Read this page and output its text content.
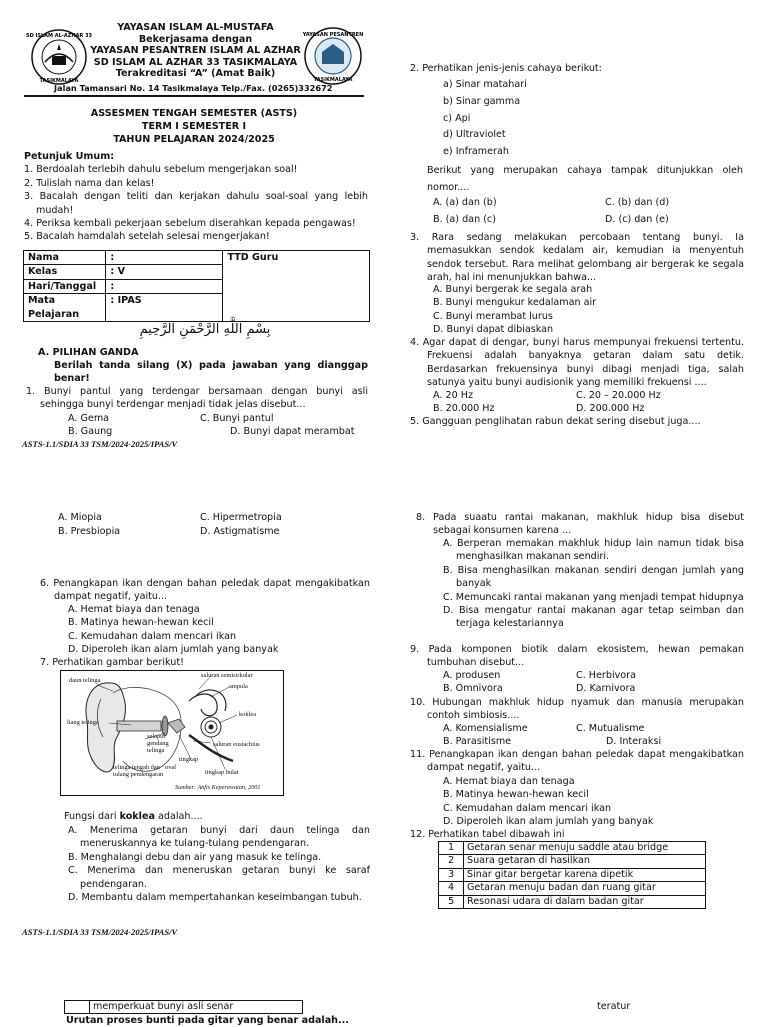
SD ISLAM AL-AZHAR 33
TASIKMALAYA
YAYASAN PESANTREN
TASIKMALAYA
YAYASAN ISLAM AL-MUSTAFA
Bekerjasama dengan
YAYASAN PESANTREN ISLAM AL AZHAR
SD ISLAM AL AZHAR 33 TASIKMALAYA
Terakreditasi “A” (Amat Baik)
Jalan Tamansari No. 14 Tasikmalaya Telp./Fax. (0265)332672
ASSESMEN TENGAH SEMESTER (ASTS)
TERM I SEMESTER I
TAHUN PELAJARAN 2024/2025
Petunjuk Umum:
1. Berdoalah terlebih dahulu sebelum mengerjakan soal!
2. Tulislah nama dan kelas!
3. Bacalah dengan teliti dan kerjakan dahulu soal-soal yang lebih mudah!
4. Periksa kembali pekerjaan sebelum diserahkan kepada pengawas!
5. Bacalah hamdalah setelah selesai mengerjakan!
Nama	:	TTD Guru
Kelas	: V	
Hari/Tanggal	:	
Mata Pelajaran	: IPAS	
بِسْمِ اللَّهِ الرَّحْمَنِ الرَّحِيمِ
A. PILIHAN GANDA
Berilah tanda silang (X) pada jawaban yang dianggap benar!
1. Bunyi pantul yang terdengar bersamaan dengan bunyi asli sehingga bunyi terdengar menjadi tidak jelas disebut...
A. Gema	C. Bunyi pantul
B. Gaung	D. Bunyi dapat merambat
ASTS-1.1/SDIA 33 TSM/2024-2025/IPAS/V
2. Perhatikan jenis-jenis cahaya berikut:
a) Sinar matahari
b) Sinar gamma
c) Api
d) Ultraviolet
e) Inframerah
Berikut yang merupakan cahaya tampak ditunjukkan oleh nomor....
A. (a) dan (b)	C. (b) dan (d)
B. (a) dan (c)	D. (c) dan (e)
3. Rara sedang melakukan percobaan tentang bunyi. Ia memasukkan sendok kedalam air, kemudian ia menyentuh sendok tersebut. Rara melihat gelombang air bergerak ke segala arah, hal ini menunjukkan bahwa...
A. Bunyi bergerak ke segala arah
B. Bunyi mengukur kedalaman air
C. Bunyi merambat lurus
D. Bunyi dapat dibiaskan
4. Agar dapat di dengar, bunyi harus mempunyai frekuensi tertentu. Frekuensi adalah banyaknya getaran dalam satu detik. Berdasarkan frekuensinya bunyi dibagi menjadi tiga, salah satunya yaitu bunyi audisionik yang memiliki frekuensi ....
A. 20 Hz	C. 20 – 20.000 Hz
B. 20.000 Hz	D. 200.000 Hz
5. Gangguan penglihatan rabun dekat sering disebut juga....
A. Miopia	C. Hipermetropia
B. Presbiopia	D. Astigmatisme
6. Penangkapan ikan dengan bahan peledak dapat mengakibatkan dampat negatif, yaitu...
A. Hemat biaya dan tenaga
B. Matinya hewan-hewan kecil
C. Kemudahan dalam mencari ikan
D. Diperoleh ikan alam jumlah yang banyak
7. Perhatikan gambar berikut!
daun telinga
saluran semisirkular
ampula
koklea
liang telinga
selaput
gendang
telinga
saluran eustachius
tingkap
telinga tengah dan oval
tulang pendengaran	tingkap bulat
Sumber: Anfis Keperawatan, 2001
Fungsi dari koklea adalah....
A. Menerima getaran bunyi dari daun telinga dan meneruskannya ke tulang-tulang pendengaran.
B. Menghalangi debu dan air yang masuk ke telinga.
C. Menerima dan meneruskan getaran bunyi ke saraf pendengaran.
D. Membantu dalam mempertahankan keseimbangan tubuh.
ASTS-1.1/SDIA 33 TSM/2024-2025/IPAS/V
8. Pada suaatu rantai makanan, makhluk hidup bisa disebut sebagai konsumen karena ...
A. Berperan memakan makhluk hidup lain namun tidak bisa menghasilkan makanan sendiri.
B. Bisa menghasilkan makanan sendiri dengan jumlah yang banyak
C. Memuncaki rantai makanan yang menjadi tempat hidupnya
D. Bisa mengatur rantai makanan agar tetap seimban dan terjaga kelestariannya
9. Pada komponen biotik dalam ekosistem, hewan pemakan tumbuhan disebut...
A. produsen	C. Herbivora
B. Omnivora	D. Karnivora
10. Hubungan makhluk hidup nyamuk dan manusia merupakan contoh simbiosis....
A. Komensialisme	C. Mutualisme
B. Parasitisme	D. Interaksi
11. Penangkapan ikan dengan bahan peledak dapat mengakibatkan dampat negatif, yaitu...
A. Hemat biaya dan tenaga
B. Matinya hewan-hewan kecil
C. Kemudahan dalam mencari ikan
D. Diperoleh ikan alam jumlah yang banyak
12. Perhatikan tabel dibawah ini
1	Getaran senar menuju saddle atau bridge
2	Suara getaran di hasilkan
3	Sinar gitar bergetar karena dipetik
4	Getaran menuju badan dan ruang gitar
5	Resonasi udara di dalam badan gitar
	memperkuat bunyi asli senar	teratur
Urutan proses bunti pada gitar yang benar adalah...
